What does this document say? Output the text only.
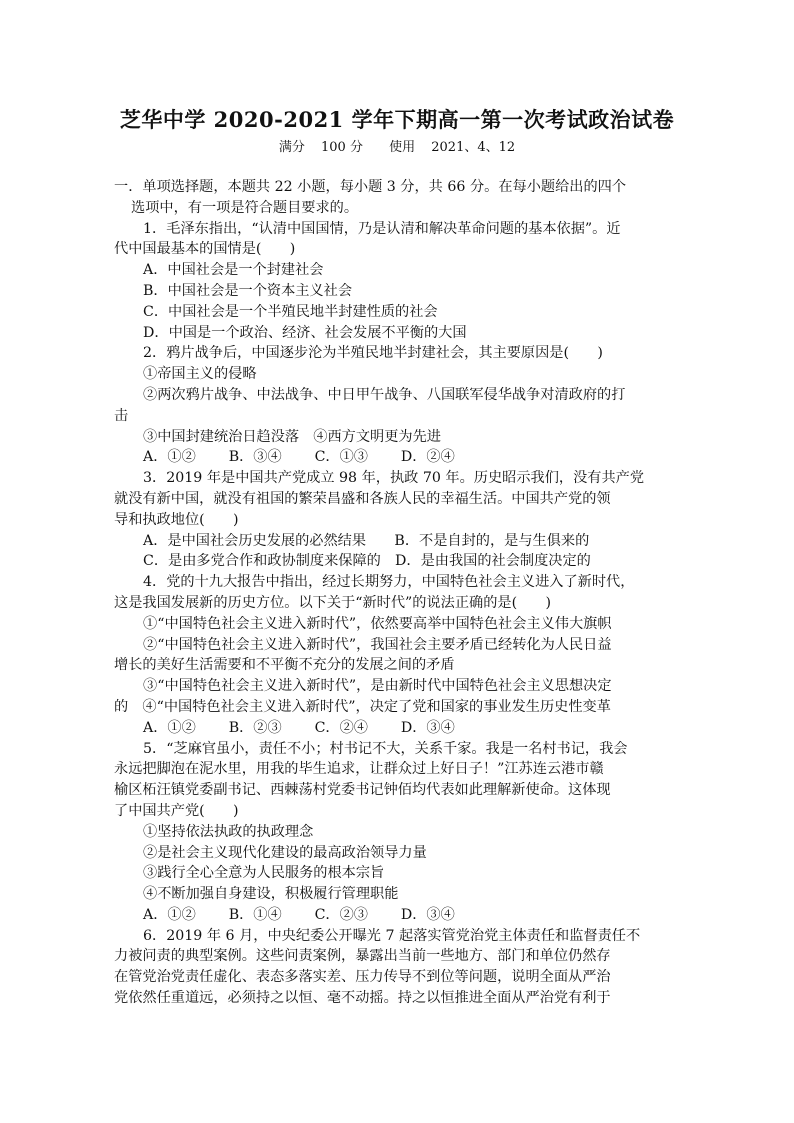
芝华中学 2020-2021 学年下期高一第一次考试政治试卷
满分 100 分 使用 2021、4、12
一．单项选择题，本题共 22 小题，每小题 3 分，共 66 分。在每小题给出的四个
选项中，有一项是符合题目要求的。
1．毛泽东指出，“认清中国国情，乃是认清和解决革命问题的基本依据”。近
代中国最基本的国情是(　　)
A．中国社会是一个封建社会
B．中国社会是一个资本主义社会
C．中国社会是一个半殖民地半封建性质的社会
D．中国是一个政治、经济、社会发展不平衡的大国
2．鸦片战争后，中国逐步沦为半殖民地半封建社会，其主要原因是(　　)
①帝国主义的侵略
②两次鸦片战争、中法战争、中日甲午战争、八国联军侵华战争对清政府的打
击
③中国封建统治日趋没落　④西方文明更为先进
A．①②　　 B．③④　　 C．①③　　 D．②④
3．2019 年是中国共产党成立 98 年，执政 70 年。历史昭示我们，没有共产党
就没有新中国，就没有祖国的繁荣昌盛和各族人民的幸福生活。中国共产党的领
导和执政地位(　　)
A．是中国社会历史发展的必然结果　　B．不是自封的，是与生俱来的
C．是由多党合作和政协制度来保障的　D．是由我国的社会制度决定的
4．党的十九大报告中指出，经过长期努力，中国特色社会主义进入了新时代，
这是我国发展新的历史方位。以下关于“新时代”的说法正确的是(　　)
①“中国特色社会主义进入新时代”，依然要高举中国特色社会主义伟大旗帜
②“中国特色社会主义进入新时代”，我国社会主要矛盾已经转化为人民日益
增长的美好生活需要和不平衡不充分的发展之间的矛盾
③“中国特色社会主义进入新时代”，是由新时代中国特色社会主义思想决定
的　④“中国特色社会主义进入新时代”，决定了党和国家的事业发生历史性变革
A．①②　　 B．②③　　 C．②④　　 D．③④
5．“芝麻官虽小，责任不小；村书记不大，关系千家。我是一名村书记，我会
永远把脚泡在泥水里，用我的毕生追求，让群众过上好日子！”江苏连云港市赣
榆区柘汪镇党委副书记、西棘荡村党委书记钟佰均代表如此理解新使命。这体现
了中国共产党(　　)
①坚持依法执政的执政理念
②是社会主义现代化建设的最高政治领导力量
③践行全心全意为人民服务的根本宗旨
④不断加强自身建设，积极履行管理职能
A．①②　　 B．①④　　 C．②③　　 D．③④
6．2019 年 6 月，中央纪委公开曝光 7 起落实管党治党主体责任和监督责任不
力被问责的典型案例。这些问责案例，暴露出当前一些地方、部门和单位仍然存
在管党治党责任虚化、表态多落实差、压力传导不到位等问题，说明全面从严治
党依然任重道远，必须持之以恒、毫不动摇。持之以恒推进全面从严治党有利于
